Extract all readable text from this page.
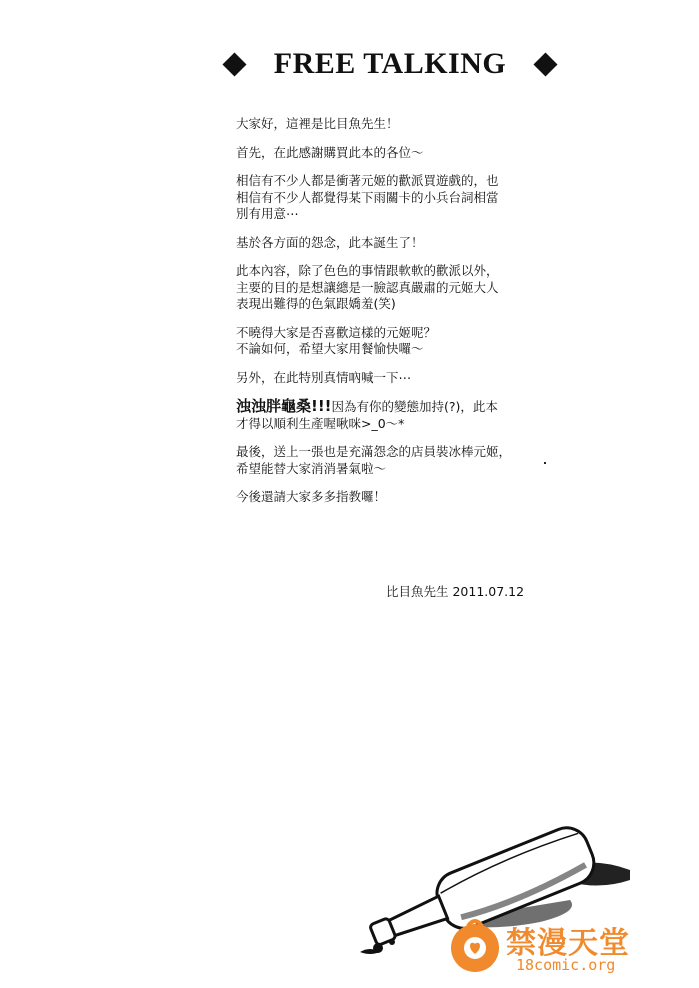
FREE TALKING

大家好，這裡是比目魚先生！

首先，在此感謝購買此本的各位～

相信有不少人都是衝著元姬的歡派買遊戲的，也
相信有不少人都覺得某下雨關卡的小兵台詞相當
別有用意⋯

基於各方面的怨念，此本誕生了！

此本內容，除了色色的事情跟軟軟的歡派以外，
主要的目的是想讓總是一臉認真嚴肅的元姬大人
表現出難得的色氣跟嬌羞(笑)

不曉得大家是否喜歡這樣的元姬呢？
不論如何，希望大家用餐愉快囉～

另外，在此特別真情吶喊一下⋯

浊浊胖龜桑!!!因為有你的變態加持(?)，此本
才得以順利生產喔啾咪>_0～*

最後，送上一張也是充滿怨念的店員裝冰棒元姬，
希望能替大家消消暑氣啦～

今後還請大家多多指教囉！

比目魚先生 2011.07.12
禁漫天堂
18comic.org
